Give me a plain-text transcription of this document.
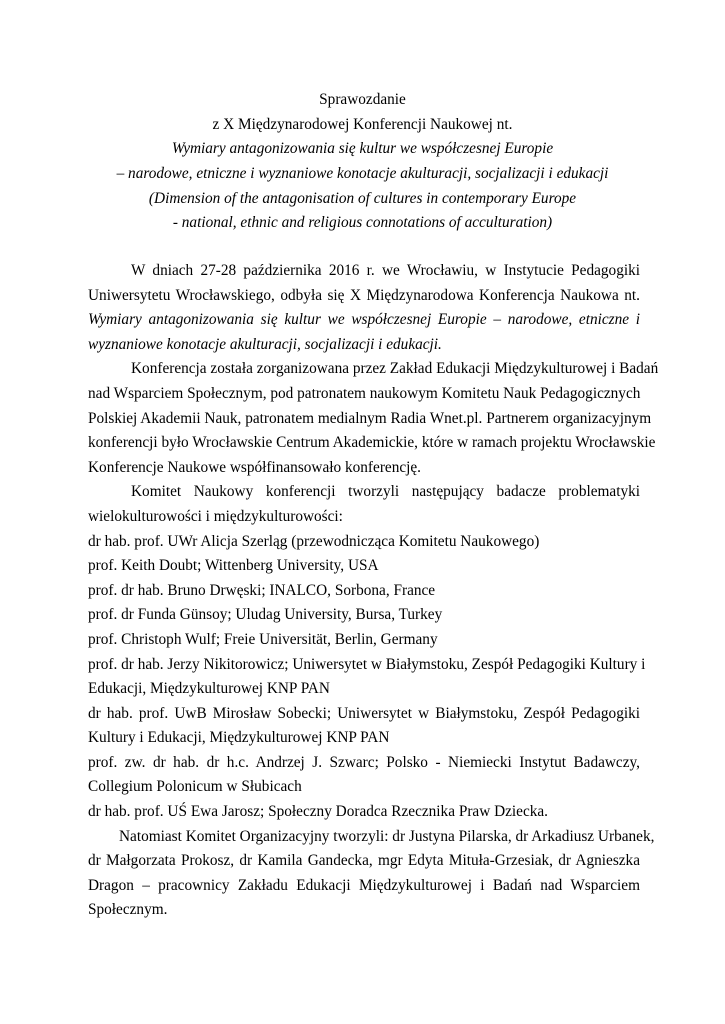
Sprawozdanie
z X Międzynarodowej Konferencji Naukowej nt.
Wymiary antagonizowania się kultur we współczesnej Europie
– narodowe, etniczne i wyznaniowe konotacje akulturacji, socjalizacji i edukacji
(Dimension of the antagonisation of cultures in contemporary Europe
- national, ethnic and religious connotations of acculturation)
W dniach 27-28 października 2016 r. we Wrocławiu, w Instytucie Pedagogiki
Uniwersytetu Wrocławskiego, odbyła się X Międzynarodowa Konferencja Naukowa nt.
Wymiary antagonizowania się kultur we współczesnej Europie – narodowe, etniczne i
wyznaniowe konotacje akulturacji, socjalizacji i edukacji.
Konferencja została zorganizowana przez Zakład Edukacji Międzykulturowej i Badań
nad Wsparciem Społecznym, pod patronatem naukowym Komitetu Nauk Pedagogicznych
Polskiej Akademii Nauk, patronatem medialnym Radia Wnet.pl. Partnerem organizacyjnym
konferencji było Wrocławskie Centrum Akademickie, które w ramach projektu Wrocławskie
Konferencje Naukowe współfinansowało konferencję.
Komitet Naukowy konferencji tworzyli następujący badacze problematyki
wielokulturowości i międzykulturowości:
dr hab. prof. UWr Alicja Szerląg (przewodnicząca Komitetu Naukowego)
prof. Keith Doubt; Wittenberg University, USA
prof. dr hab. Bruno Drwęski; INALCO, Sorbona, France
prof. dr Funda Günsoy; Uludag University, Bursa, Turkey
prof. Christoph Wulf; Freie Universität, Berlin, Germany
prof. dr hab. Jerzy Nikitorowicz; Uniwersytet w Białymstoku, Zespół Pedagogiki Kultury i
Edukacji, Międzykulturowej KNP PAN
dr hab. prof. UwB Mirosław Sobecki; Uniwersytet w Białymstoku, Zespół Pedagogiki
Kultury i Edukacji, Międzykulturowej KNP PAN
prof. zw. dr hab. dr h.c. Andrzej J. Szwarc; Polsko - Niemiecki Instytut Badawczy,
Collegium Polonicum w Słubicach
dr hab. prof. UŚ Ewa Jarosz; Społeczny Doradca Rzecznika Praw Dziecka.
Natomiast Komitet Organizacyjny tworzyli: dr Justyna Pilarska, dr Arkadiusz Urbanek,
dr Małgorzata Prokosz, dr Kamila Gandecka, mgr Edyta Mituła-Grzesiak, dr Agnieszka
Dragon – pracownicy Zakładu Edukacji Międzykulturowej i Badań nad Wsparciem
Społecznym.
